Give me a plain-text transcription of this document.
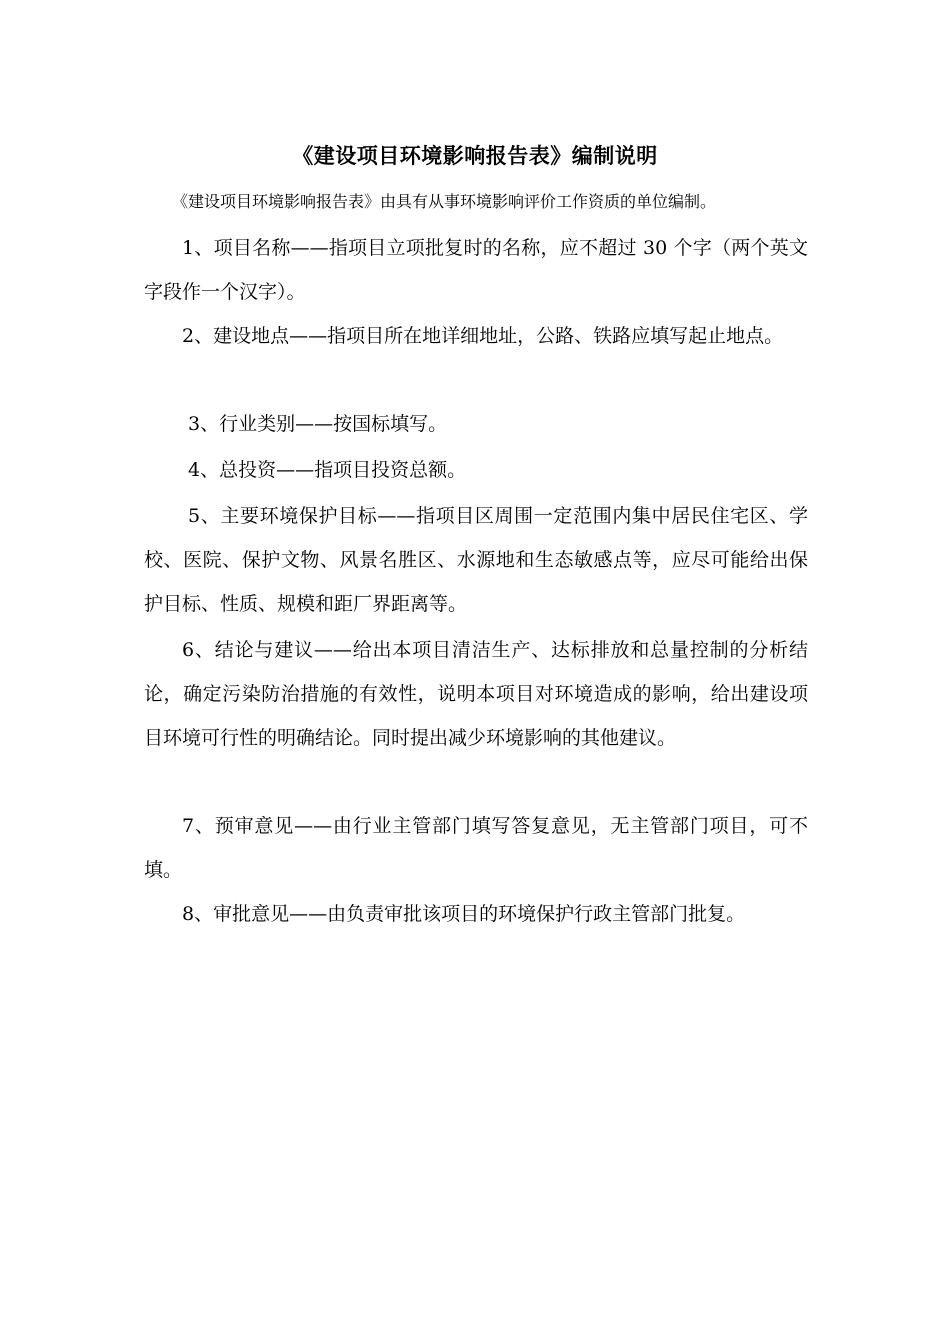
《建设项目环境影响报告表》编制说明
《建设项目环境影响报告表》由具有从事环境影响评价工作资质的单位编制。
1、项目名称——指项目立项批复时的名称，应不超过 30 个字（两个英文字段作一个汉字）。
2、建设地点——指项目所在地详细地址，公路、铁路应填写起止地点。
3、行业类别——按国标填写。
4、总投资——指项目投资总额。
5、主要环境保护目标——指项目区周围一定范围内集中居民住宅区、学校、医院、保护文物、风景名胜区、水源地和生态敏感点等，应尽可能给出保护目标、性质、规模和距厂界距离等。
6、结论与建议——给出本项目清洁生产、达标排放和总量控制的分析结论，确定污染防治措施的有效性，说明本项目对环境造成的影响，给出建设项目环境可行性的明确结论。同时提出减少环境影响的其他建议。
7、预审意见——由行业主管部门填写答复意见，无主管部门项目，可不填。
8、审批意见——由负责审批该项目的环境保护行政主管部门批复。
